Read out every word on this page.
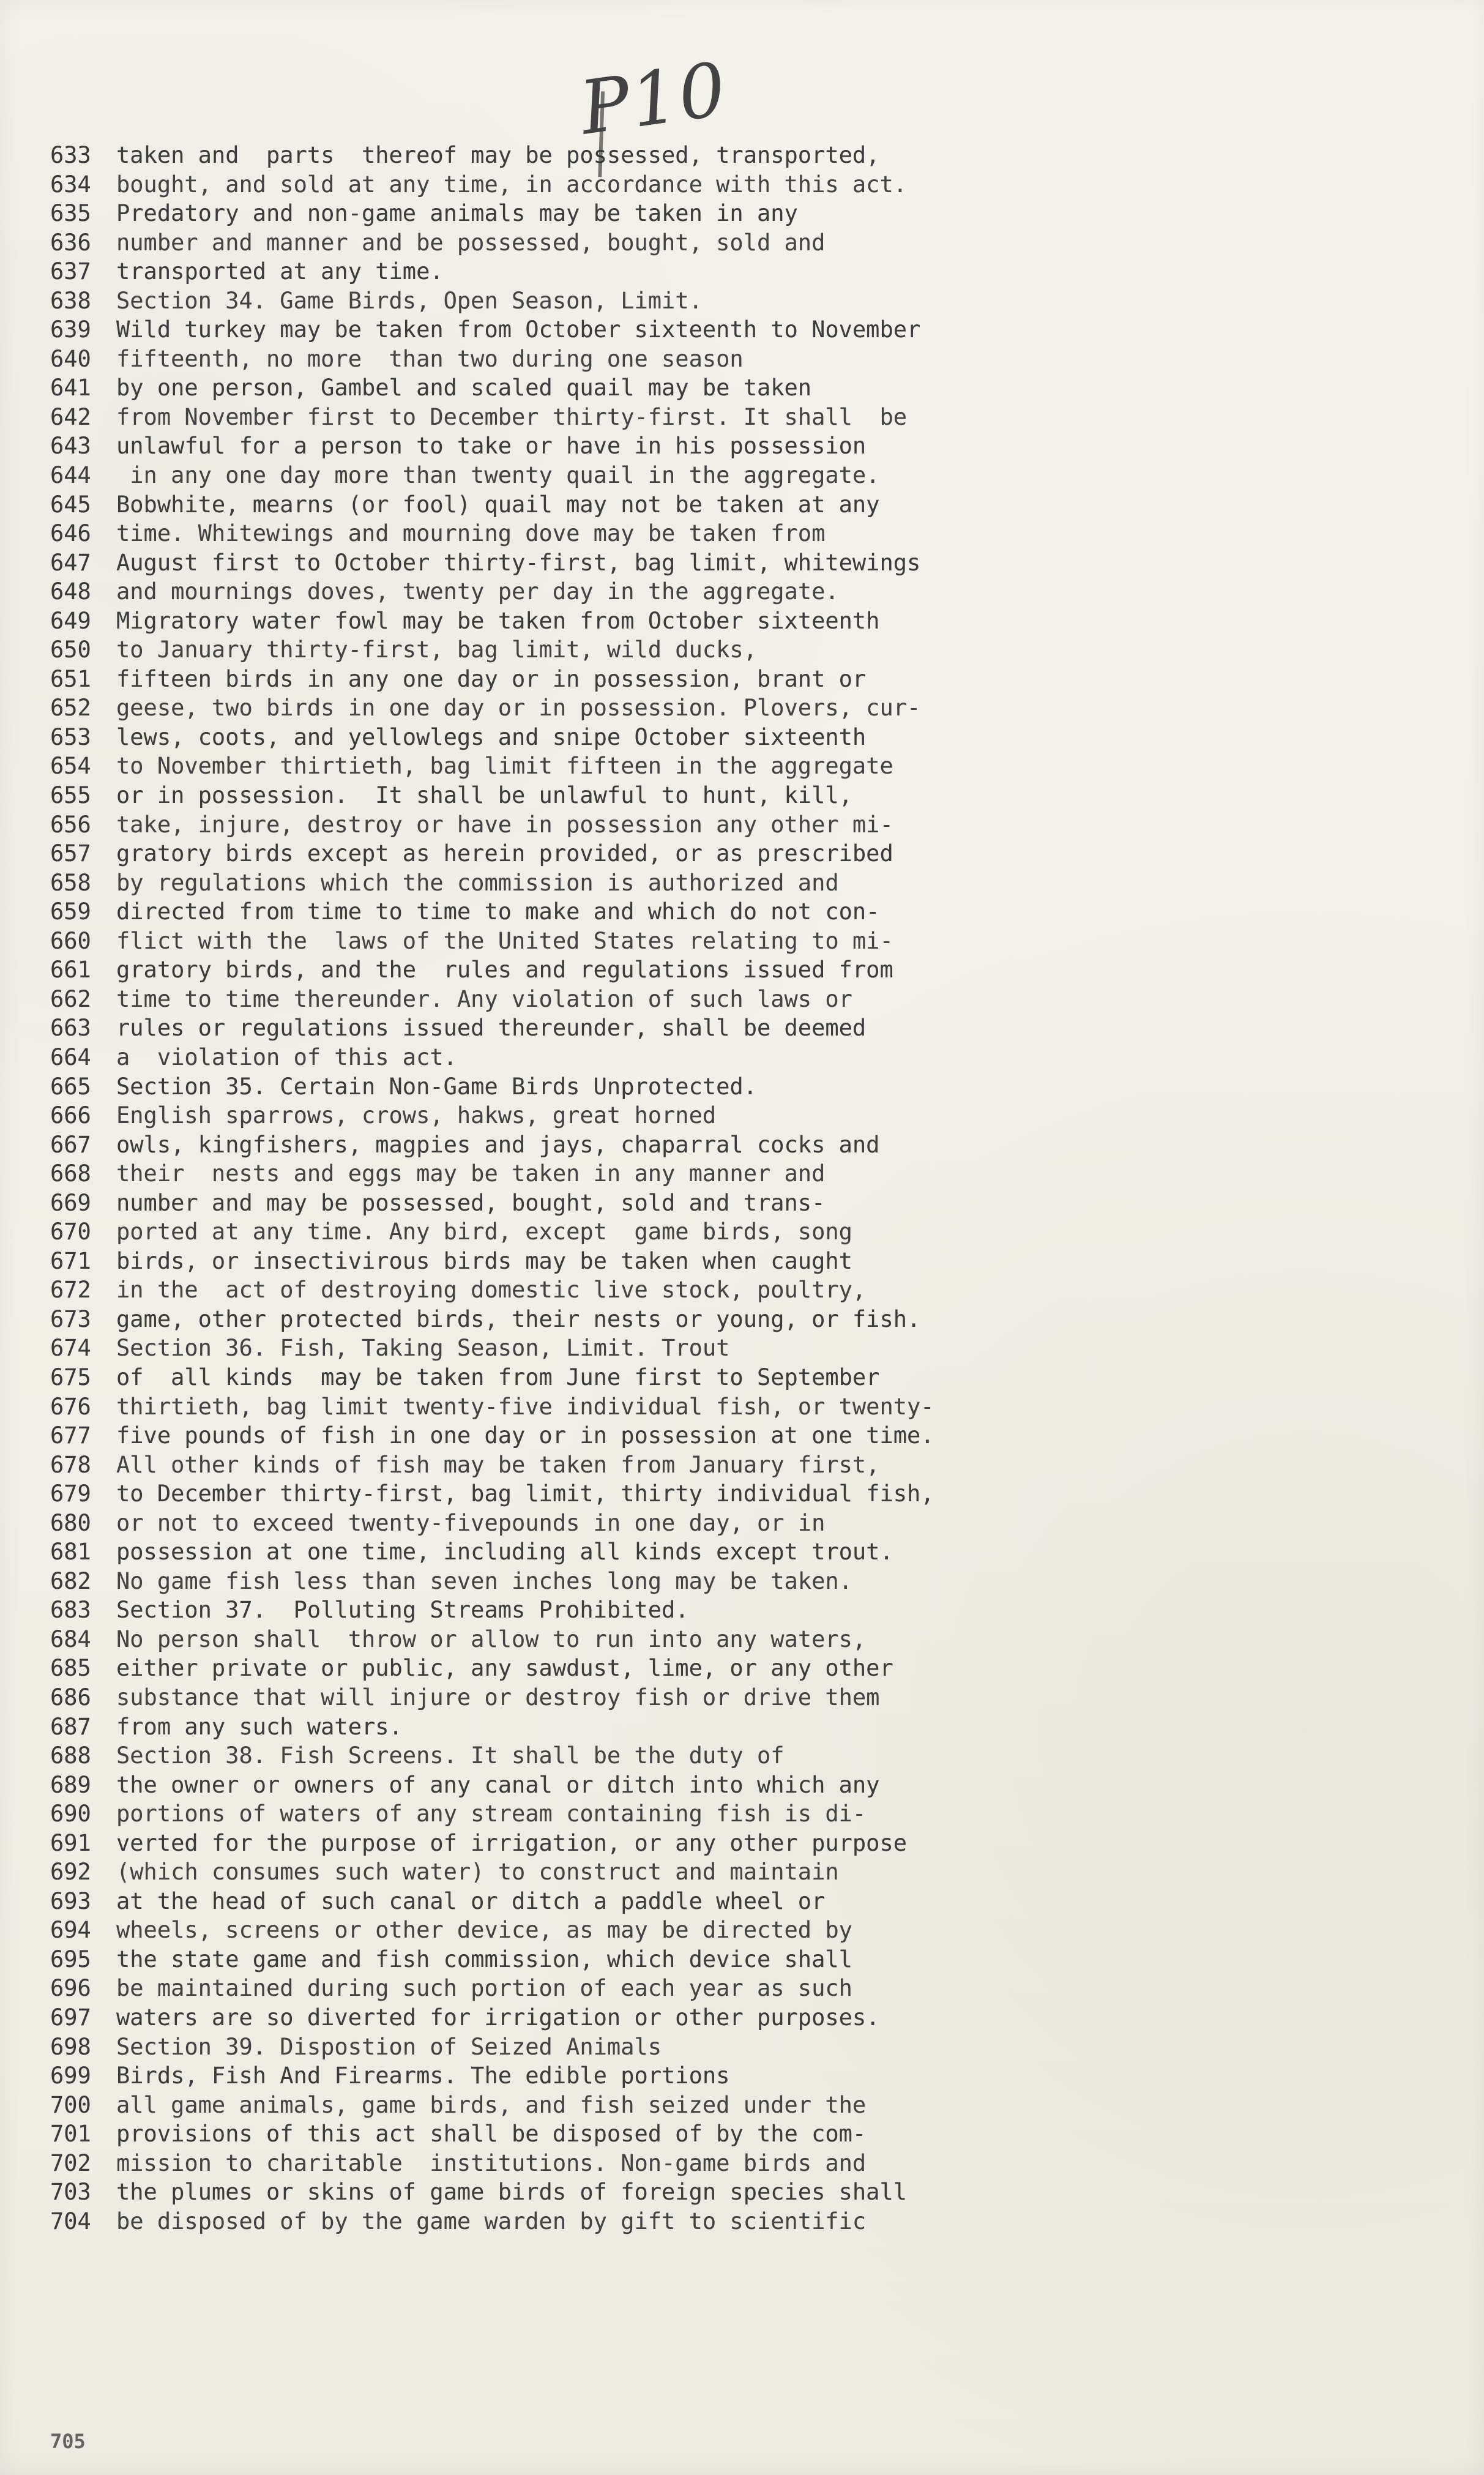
P10
633	taken and  parts  thereof may be possessed, transported,
634	bought, and sold at any time, in accordance with this act.
635	Predatory and non-game animals may be taken in any
636	number and manner and be possessed, bought, sold and
637	transported at any time.
638	Section 34. Game Birds, Open Season, Limit.
639	Wild turkey may be taken from October sixteenth to November
640	fifteenth, no more  than two during one season
641	by one person, Gambel and scaled quail may be taken
642	from November first to December thirty-first. It shall  be
643	unlawful for a person to take or have in his possession
644	in any one day more than twenty quail in the aggregate.
645	Bobwhite, mearns (or fool) quail may not be taken at any
646	time. Whitewings and mourning dove may be taken from
647	August first to October thirty-first, bag limit, whitewings
648	and mournings doves, twenty per day in the aggregate.
649	Migratory water fowl may be taken from October sixteenth
650	to January thirty-first, bag limit, wild ducks,
651	fifteen birds in any one day or in possession, brant or
652	geese, two birds in one day or in possession. Plovers, cur-
653	lews, coots, and yellowlegs and snipe October sixteenth
654	to November thirtieth, bag limit fifteen in the aggregate
655	or in possession.  It shall be unlawful to hunt, kill,
656	take, injure, destroy or have in possession any other mi-
657	gratory birds except as herein provided, or as prescribed
658	by regulations which the commission is authorized and
659	directed from time to time to make and which do not con-
660	flict with the  laws of the United States relating to mi-
661	gratory birds, and the  rules and regulations issued from
662	time to time thereunder. Any violation of such laws or
663	rules or regulations issued thereunder, shall be deemed
664	a  violation of this act.
665	Section 35. Certain Non-Game Birds Unprotected.
666	English sparrows, crows, hakws, great horned
667	owls, kingfishers, magpies and jays, chaparral cocks and
668	their  nests and eggs may be taken in any manner and
669	number and may be possessed, bought, sold and trans-
670	ported at any time. Any bird, except  game birds, song
671	birds, or insectivirous birds may be taken when caught
672	in the  act of destroying domestic live stock, poultry,
673	game, other protected birds, their nests or young, or fish.
674	Section 36. Fish, Taking Season, Limit. Trout
675	of  all kinds  may be taken from June first to September
676	thirtieth, bag limit twenty-five individual fish, or twenty-
677	five pounds of fish in one day or in possession at one time.
678	All other kinds of fish may be taken from January first,
679	to December thirty-first, bag limit, thirty individual fish,
680	or not to exceed twenty-fivepounds in one day, or in
681	possession at one time, including all kinds except trout.
682	No game fish less than seven inches long may be taken.
683	Section 37.  Polluting Streams Prohibited.
684	No person shall  throw or allow to run into any waters,
685	either private or public, any sawdust, lime, or any other
686	substance that will injure or destroy fish or drive them
687	from any such waters.
688	Section 38. Fish Screens. It shall be the duty of
689	the owner or owners of any canal or ditch into which any
690	portions of waters of any stream containing fish is di-
691	verted for the purpose of irrigation, or any other purpose
692	(which consumes such water) to construct and maintain
693	at the head of such canal or ditch a paddle wheel or
694	wheels, screens or other device, as may be directed by
695	the state game and fish commission, which device shall
696	be maintained during such portion of each year as such
697	waters are so diverted for irrigation or other purposes.
698	Section 39. Dispostion of Seized Animals
699	Birds, Fish And Firearms. The edible portions
700	all game animals, game birds, and fish seized under the
701	provisions of this act shall be disposed of by the com-
702	mission to charitable  institutions. Non-game birds and
703	the plumes or skins of game birds of foreign species shall
704	be disposed of by the game warden by gift to scientific
705
